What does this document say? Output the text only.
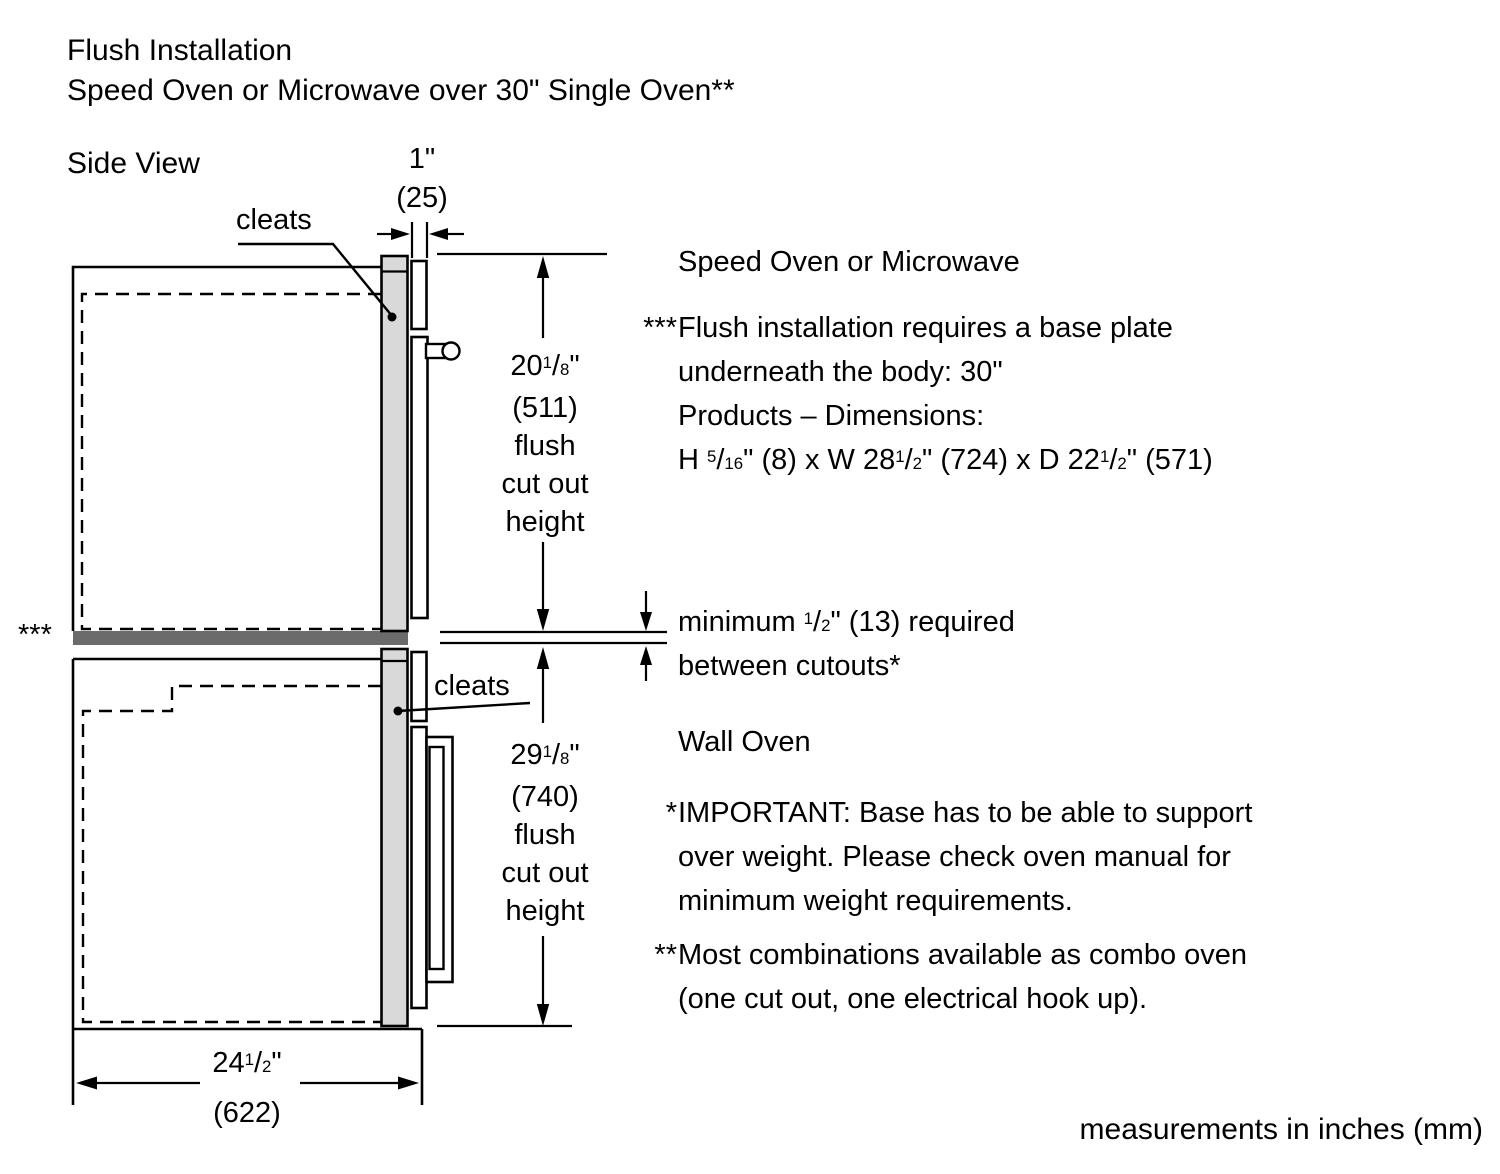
Flush Installation
Speed Oven or Microwave over 30" Single Oven**
Side View	1"
(25)
cleats
cleats
***
$20^1/8$"
(511)
flush
cut out
height
$29^1/8$"
(740)
flush
cut out
height
$24^1/2$"
(622)
Speed Oven or Microwave
*** Flush installation requires a base plate
underneath the body: 30"
Products – Dimensions:
H $^5$/16" (8) x W $28^1/2$" (724) x D $22^1/2$" (571)
minimum $^1$/2" (13) required
between cutouts*
Wall Oven
* IMPORTANT: Base has to be able to support
over weight. Please check oven manual for
minimum weight requirements.
** Most combinations available as combo oven
(one cut out, one electrical hook up).
measurements in inches (mm)
